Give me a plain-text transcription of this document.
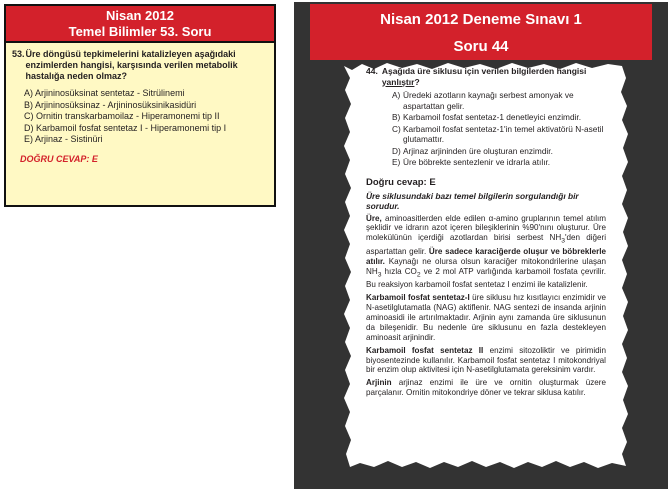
Nisan 2012
Temel Bilimler 53. Soru
53. Üre döngüsü tepkimelerini katalizleyen aşağıdaki enzimlerden hangisi, karşısında verilen metabolik hastalığa neden olmaz?
A) Arjininosüksinat sentetaz - Sitrülinemi
B) Arjininosüksinaz - Arjininosüksinikasidüri
C) Ornitin transkarbamoilaz - Hiperamonemi tip II
D) Karbamoil fosfat sentetaz I - Hiperamonemi tip I
E) Arjinaz - Sistinüri
DOĞRU CEVAP: E
Nisan 2012 Deneme Sınavı 1
Soru 44
44. Aşağıda üre siklusu için verilen bilgilerden hangisi yanlıştır?
A) Üredeki azotların kaynağı serbest amonyak ve aspartattan gelir.
B) Karbamoil fosfat sentetaz-1 denetleyici enzimdir.
C) Karbamoil fosfat sentetaz-1'in temel aktivatörü N-asetil glutamattır.
D) Arjinaz arjininden üre oluşturan enzimdir.
E) Üre böbrekte sentezlenir ve idrarla atılır.
Doğru cevap: E
Üre siklusundaki bazı temel bilgilerin sorgulandığı bir sorudur.

Üre, aminoasitlerden elde edilen α-amino gruplarının temel atılım şeklidir ve idrarın azot içeren bileşiklerinin %90'nını oluşturur. Üre molekülünün içerdiği azotlardan birisi serbest $NH_3'den$ diğeri aspartattan gelir. Üre sadece karaciğerde oluşur ve böbreklerle atılır. Kaynağı ne olursa olsun karaciğer mitokondrilerine ulaşan $NH_3$ hızla $CO_2$ ve 2 mol ATP varlığında karbamoil fosfata çevrilir. Bu reaksiyon karbamoil fosfat sentetaz I enzimi ile katalizlenir.

Karbamoil fosfat sentetaz-I üre siklusu hız kısıtlayıcı enzimidir ve N-asetilglutamatla (NAG) aktiflenir. NAG sentezi de insanda arjinin aminoasidi ile artırılmaktadır. Arjinin aynı zamanda üre siklusunun da bileşenidir. Bu nedenle üre siklusunu en fazla destekleyen aminoasit arjinindir.

Karbamoil fosfat sentetaz II enzimi sitozoliktir ve pirimidin biyosentezinde kullanılır. Karbamoil fosfat sentetaz I mitokondriyal bir enzim olup aktivitesi için N-asetilglutamata gereksinim vardır.

Arjinin arjinaz enzimi ile üre ve ornitin oluşturmak üzere parçalanır. Ornitin mitokondriye döner ve tekrar siklusa katılır.
